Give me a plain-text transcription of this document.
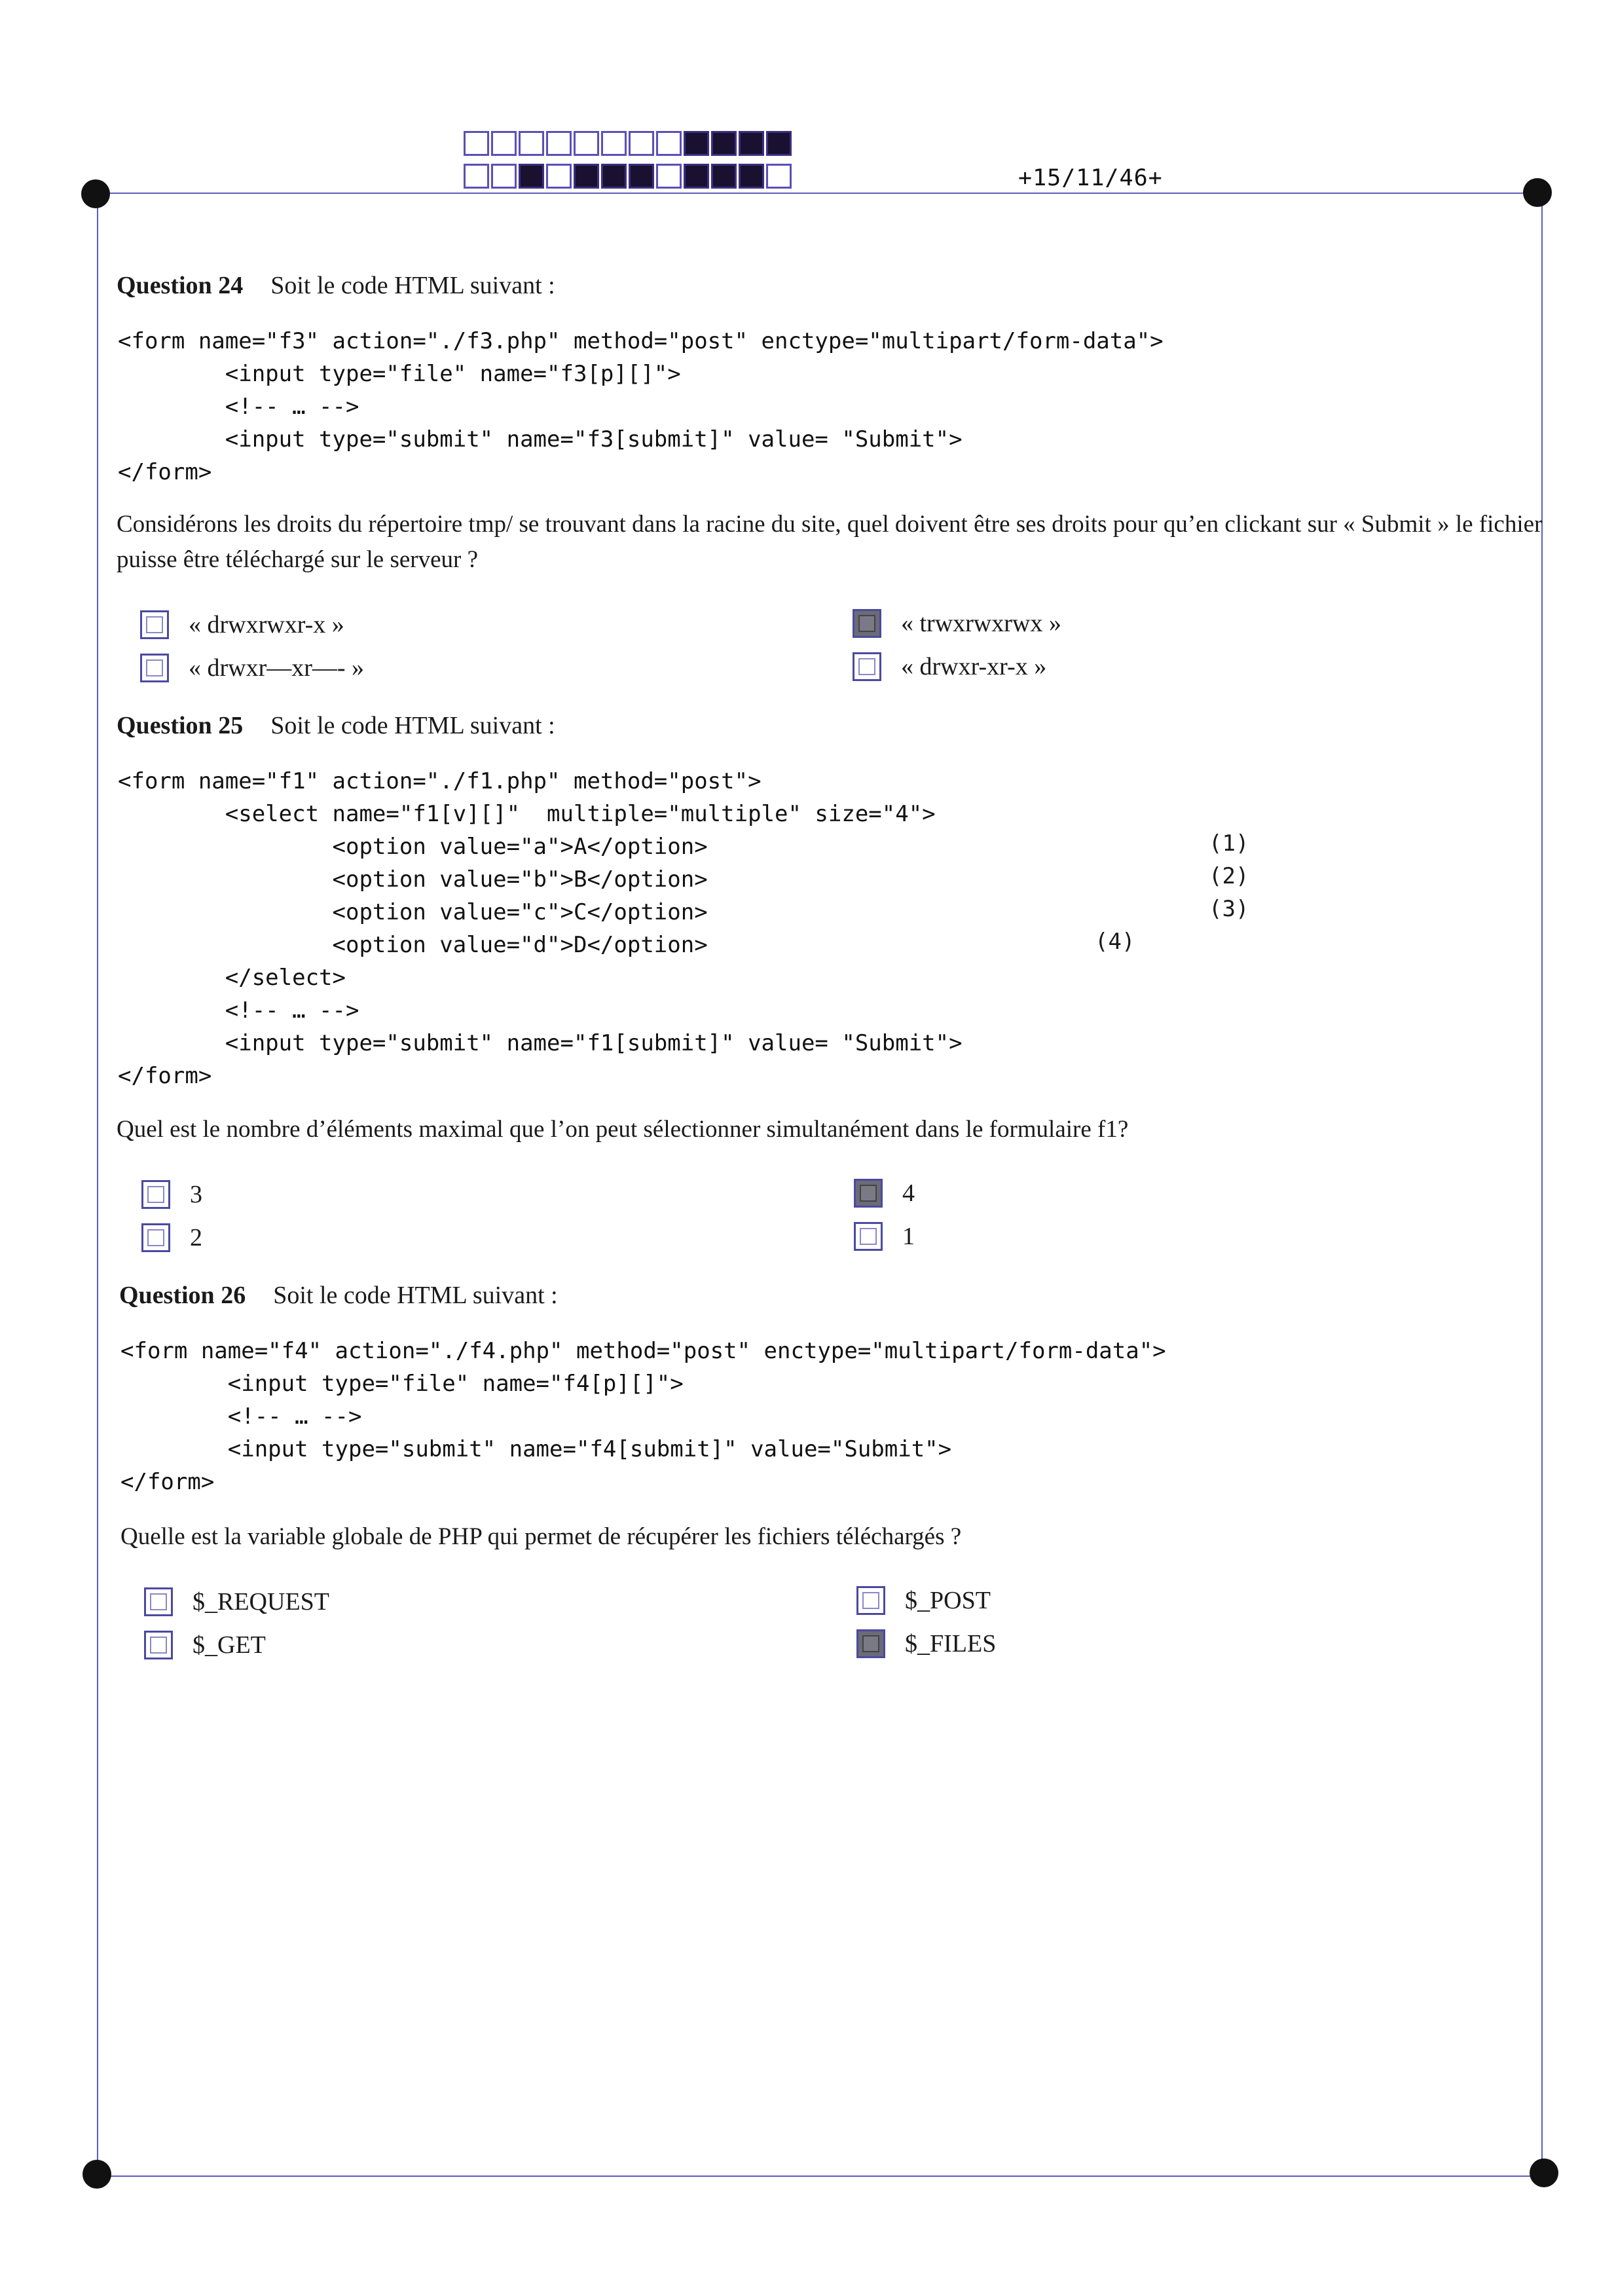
+15/11/46+
Question 24 Soit le code HTML suivant :
<form name="f3" action="./f3.php" method="post" enctype="multipart/form-data">
<input type="file" name="f3[p][]">
<!-- … -->
<input type="submit" name="f3[submit]" value= "Submit">
</form>
Considérons les droits du répertoire tmp/ se trouvant dans la racine du site, quel doivent être ses droits pour qu’en clickant sur « Submit » le fichier puisse être téléchargé sur le serveur ?
« drwxrwxr-x »
« drwxr—xr—- »
« trwxrwxrwx »
« drwxr-xr-x »
Question 25 Soit le code HTML suivant :
<form name="f1" action="./f1.php" method="post">
<select name="f1[v][]"  multiple="multiple" size="4">
<option value="a">A</option>
<option value="b">B</option>
<option value="c">C</option>
<option value="d">D</option>
</select>
<!-- … -->
<input type="submit" name="f1[submit]" value= "Submit">
</form>
(1)
(2)
(3)
(4)
Quel est le nombre d’éléments maximal que l’on peut sélectionner simultanément dans le formulaire f1?
3
2
4
1
Question 26 Soit le code HTML suivant :
<form name="f4" action="./f4.php" method="post" enctype="multipart/form-data">
<input type="file" name="f4[p][]">
<!-- … -->
<input type="submit" name="f4[submit]" value="Submit">
</form>
Quelle est la variable globale de PHP qui permet de récupérer les fichiers téléchargés ?
$_REQUEST
$_GET
$_POST
$_FILES
